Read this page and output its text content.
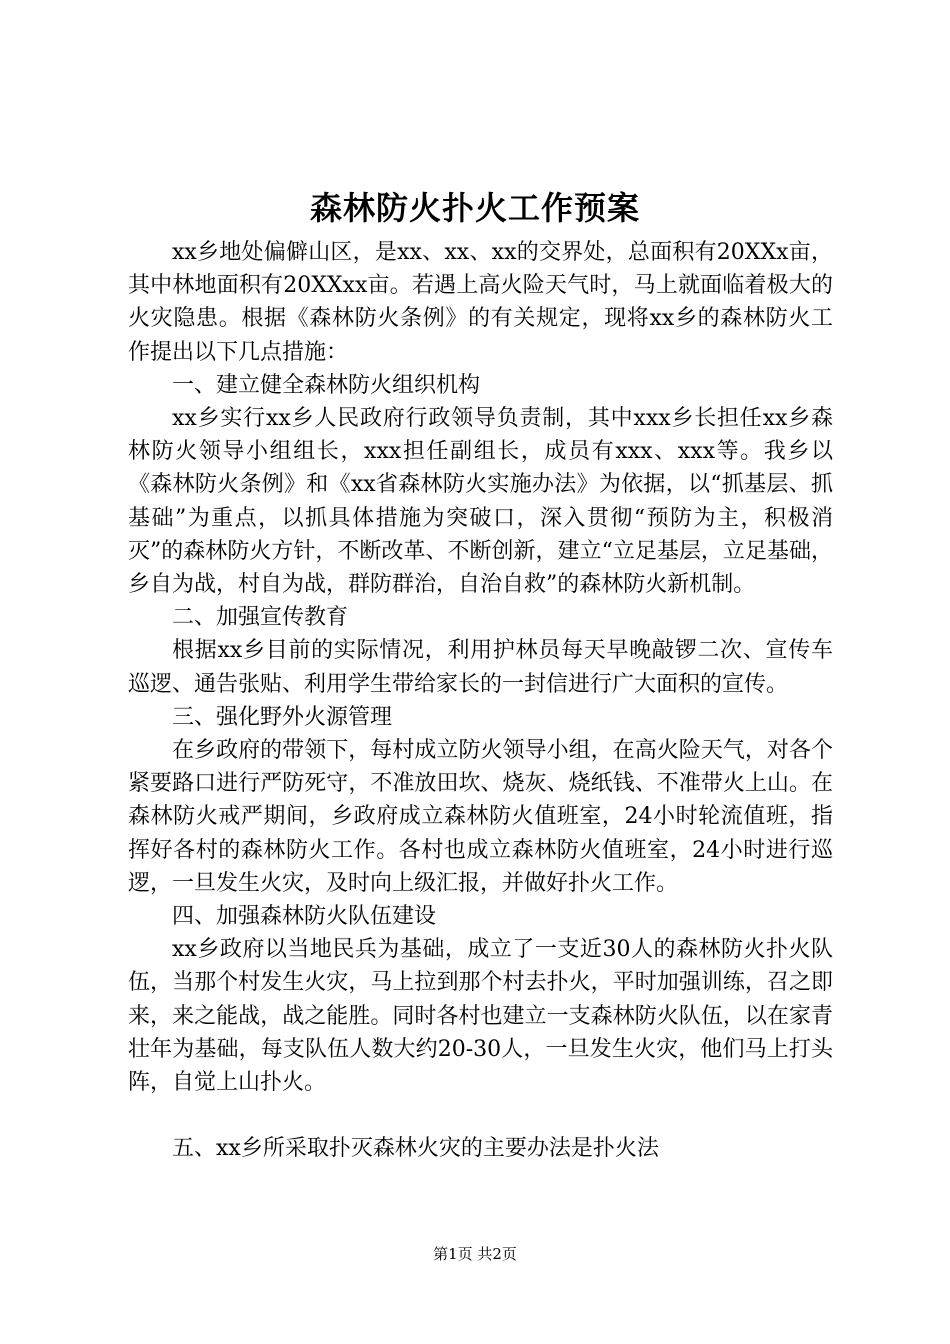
森林防火扑火工作预案

xx乡地处偏僻山区，是xx、xx、xx的交界处，总面积有20XXx亩，其中林地面积有20XXxx亩。若遇上高火险天气时，马上就面临着极大的火灾隐患。根据《森林防火条例》的有关规定，现将xx乡的森林防火工作提出以下几点措施：

一、建立健全森林防火组织机构

xx乡实行xx乡人民政府行政领导负责制，其中xxx乡长担任xx乡森林防火领导小组组长，xxx担任副组长，成员有xxx、xxx等。我乡以《森林防火条例》和《xx省森林防火实施办法》为依据，以“抓基层、抓基础”为重点，以抓具体措施为突破口，深入贯彻“预防为主，积极消灭”的森林防火方针，不断改革、不断创新，建立“立足基层，立足基础，乡自为战，村自为战，群防群治，自治自救”的森林防火新机制。

二、加强宣传教育

根据xx乡目前的实际情况，利用护林员每天早晚敲锣二次、宣传车巡逻、通告张贴、利用学生带给家长的一封信进行广大面积的宣传。

三、强化野外火源管理

在乡政府的带领下，每村成立防火领导小组，在高火险天气，对各个紧要路口进行严防死守，不准放田坎、烧灰、烧纸钱、不准带火上山。在森林防火戒严期间，乡政府成立森林防火值班室，24小时轮流值班，指挥好各村的森林防火工作。各村也成立森林防火值班室，24小时进行巡逻，一旦发生火灾，及时向上级汇报，并做好扑火工作。

四、加强森林防火队伍建设

xx乡政府以当地民兵为基础，成立了一支近30人的森林防火扑火队伍，当那个村发生火灾，马上拉到那个村去扑火，平时加强训练，召之即来，来之能战，战之能胜。同时各村也建立一支森林防火队伍，以在家青壮年为基础，每支队伍人数大约20-30人，一旦发生火灾，他们马上打头阵，自觉上山扑火。

五、xx乡所采取扑灭森林火灾的主要办法是扑火法

第1页 共2页
